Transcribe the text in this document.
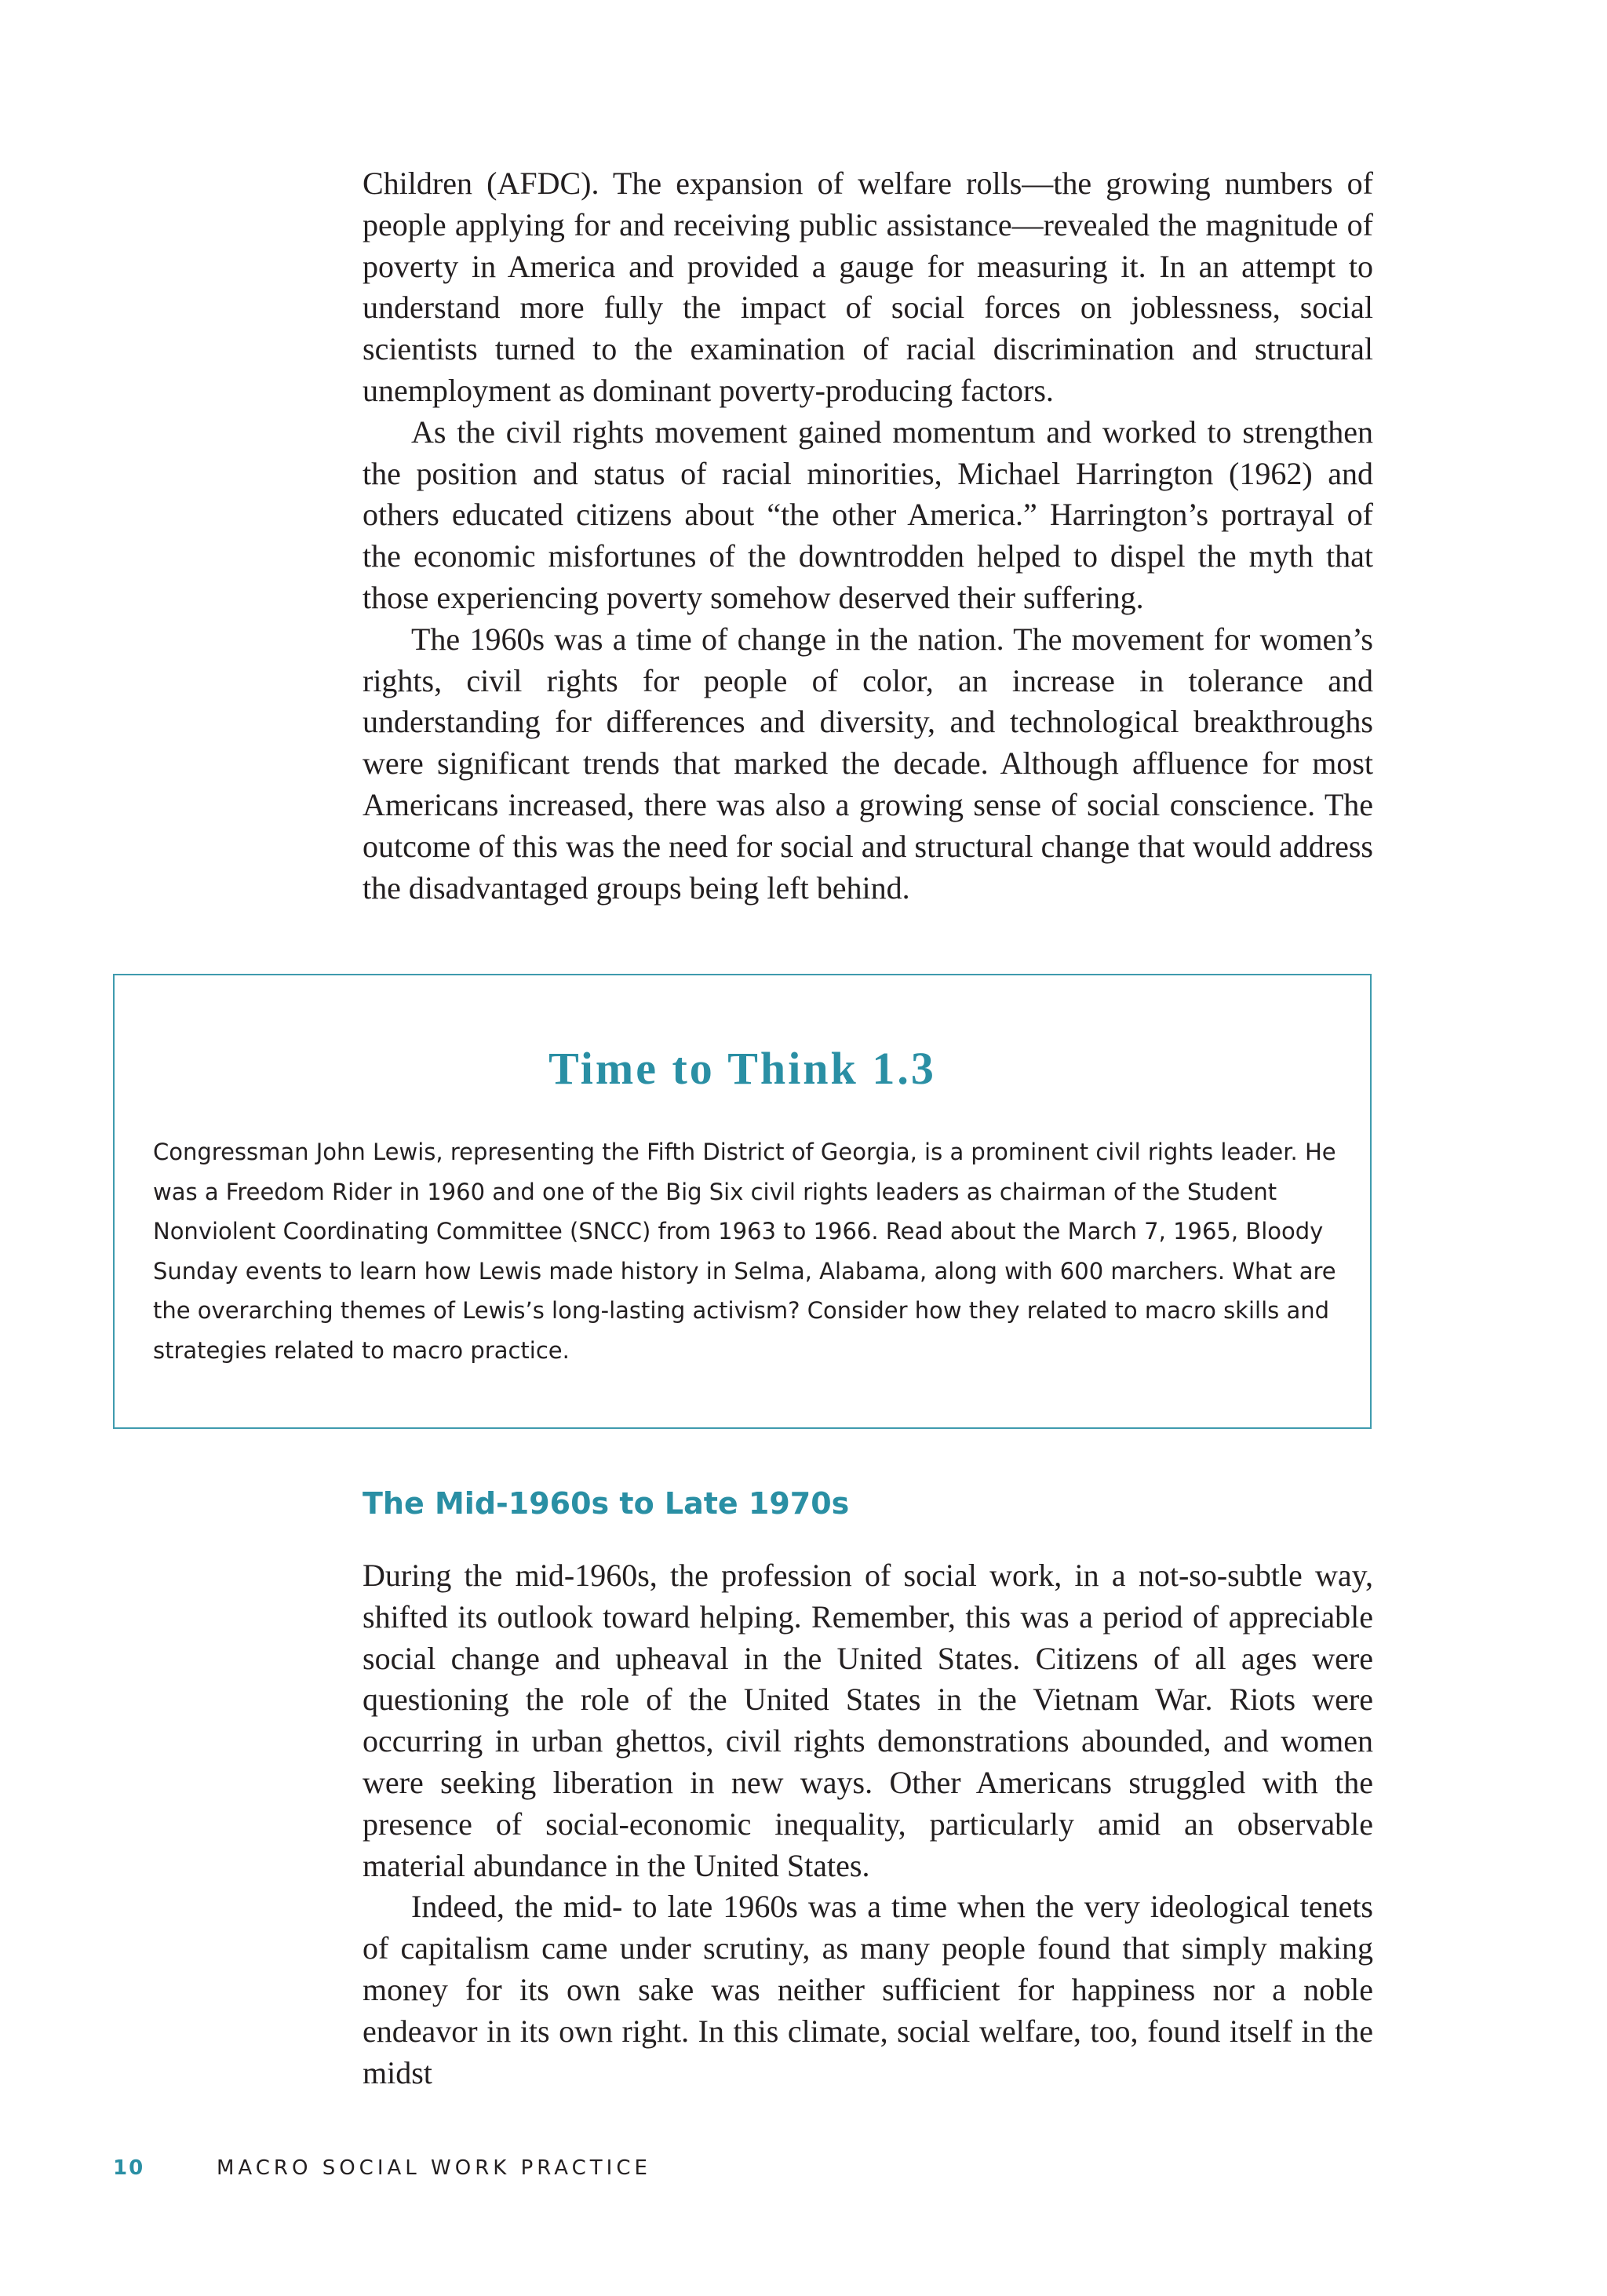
Children (AFDC). The expansion of welfare rolls—the growing numbers of people applying for and receiving public assistance—revealed the magnitude of poverty in America and provided a gauge for measuring it. In an attempt to understand more fully the impact of social forces on joblessness, social scientists turned to the examination of racial discrimination and structural unemployment as dominant poverty-producing factors.

As the civil rights movement gained momentum and worked to strengthen the position and status of racial minorities, Michael Harrington (1962) and others educated citizens about “the other America.” Harrington’s portrayal of the economic misfortunes of the downtrodden helped to dispel the myth that those experiencing poverty somehow deserved their suffering.

The 1960s was a time of change in the nation. The movement for women’s rights, civil rights for people of color, an increase in tolerance and understanding for differences and diversity, and technological breakthroughs were significant trends that marked the decade. Although affluence for most Americans increased, there was also a growing sense of social conscience. The outcome of this was the need for social and structural change that would address the disadvantaged groups being left behind.

Time to Think 1.3

Congressman John Lewis, representing the Fifth District of Georgia, is a prominent civil rights leader. He was a Freedom Rider in 1960 and one of the Big Six civil rights leaders as chairman of the Student Nonviolent Coordinating Committee (SNCC) from 1963 to 1966. Read about the March 7, 1965, Bloody Sunday events to learn how Lewis made history in Selma, Alabama, along with 600 marchers. What are the overarching themes of Lewis’s long-lasting activism? Consider how they related to macro skills and strategies related to macro practice.

The Mid-1960s to Late 1970s

During the mid-1960s, the profession of social work, in a not-so-subtle way, shifted its outlook toward helping. Remember, this was a period of appreciable social change and upheaval in the United States. Citizens of all ages were questioning the role of the United States in the Vietnam War. Riots were occurring in urban ghettos, civil rights demonstrations abounded, and women were seeking liberation in new ways. Other Americans struggled with the presence of social-economic inequality, particularly amid an observable material abundance in the United States.

Indeed, the mid- to late 1960s was a time when the very ideological tenets of capitalism came under scrutiny, as many people found that simply making money for its own sake was neither sufficient for happiness nor a noble endeavor in its own right. In this climate, social welfare, too, found itself in the midst

10	MACRO SOCIAL WORK PRACTICE
